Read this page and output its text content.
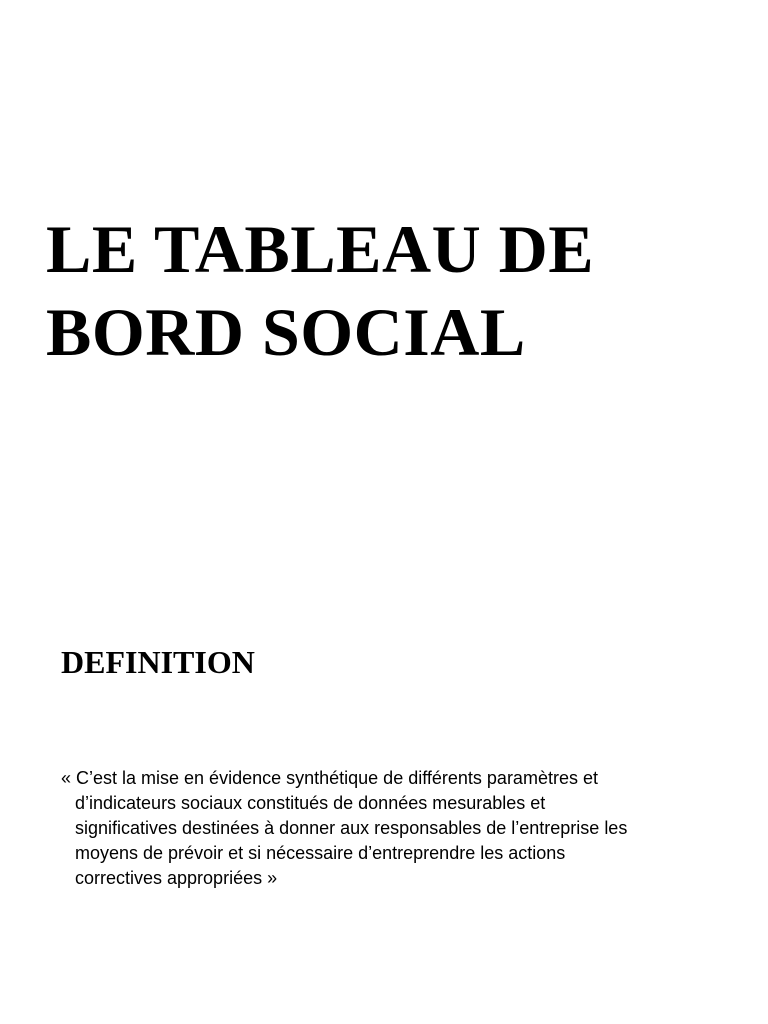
LE TABLEAU DE
BORD SOCIAL
DEFINITION

« C’est la mise en évidence synthétique de différents paramètres et
d’indicateurs sociaux constitués de données mesurables et
significatives destinées à donner aux responsables de l’entreprise les
moyens de prévoir et si nécessaire d’entreprendre les actions
correctives appropriées »
